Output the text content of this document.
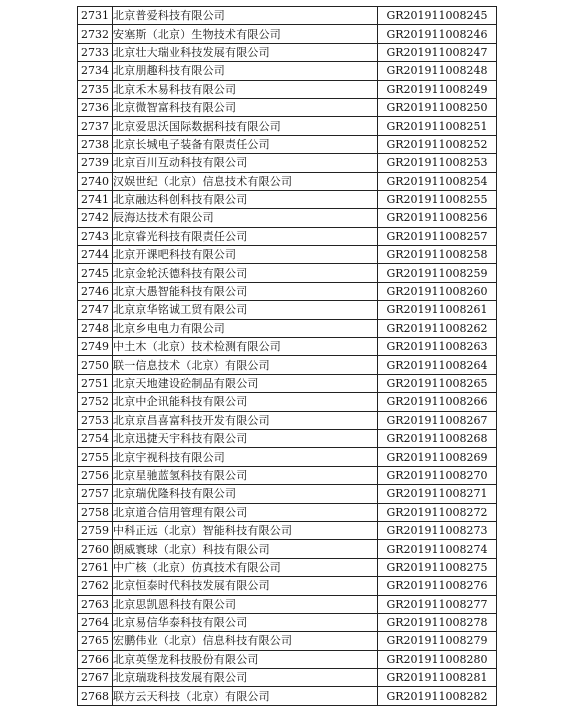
2731	北京普爱科技有限公司	GR201911008245
2732	安塞斯（北京）生物技术有限公司	GR201911008246
2733	北京壮大瑞业科技发展有限公司	GR201911008247
2734	北京朋趣科技有限公司	GR201911008248
2735	北京禾木易科技有限公司	GR201911008249
2736	北京微智富科技有限公司	GR201911008250
2737	北京爱思沃国际数据科技有限公司	GR201911008251
2738	北京长城电子装备有限责任公司	GR201911008252
2739	北京百川互动科技有限公司	GR201911008253
2740	汉娱世纪（北京）信息技术有限公司	GR201911008254
2741	北京融达科创科技有限公司	GR201911008255
2742	辰海达技术有限公司	GR201911008256
2743	北京睿光科技有限责任公司	GR201911008257
2744	北京开课吧科技有限公司	GR201911008258
2745	北京金轮沃德科技有限公司	GR201911008259
2746	北京大愚智能科技有限公司	GR201911008260
2747	北京京华铭诚工贸有限公司	GR201911008261
2748	北京乡电电力有限公司	GR201911008262
2749	中土木（北京）技术检测有限公司	GR201911008263
2750	联一信息技术（北京）有限公司	GR201911008264
2751	北京天地建设砼制品有限公司	GR201911008265
2752	北京中企讯能科技有限公司	GR201911008266
2753	北京京昌喜富科技开发有限公司	GR201911008267
2754	北京迅捷天宇科技有限公司	GR201911008268
2755	北京宇视科技有限公司	GR201911008269
2756	北京星驰蓝氢科技有限公司	GR201911008270
2757	北京瑞优隆科技有限公司	GR201911008271
2758	北京道合信用管理有限公司	GR201911008272
2759	中科正远（北京）智能科技有限公司	GR201911008273
2760	朗威寰球（北京）科技有限公司	GR201911008274
2761	中广核（北京）仿真技术有限公司	GR201911008275
2762	北京恒泰时代科技发展有限公司	GR201911008276
2763	北京思凯恩科技有限公司	GR201911008277
2764	北京易信华泰科技有限公司	GR201911008278
2765	宏鹏伟业（北京）信息科技有限公司	GR201911008279
2766	北京英堡龙科技股份有限公司	GR201911008280
2767	北京瑞珑科技发展有限公司	GR201911008281
2768	联方云天科技（北京）有限公司	GR201911008282
